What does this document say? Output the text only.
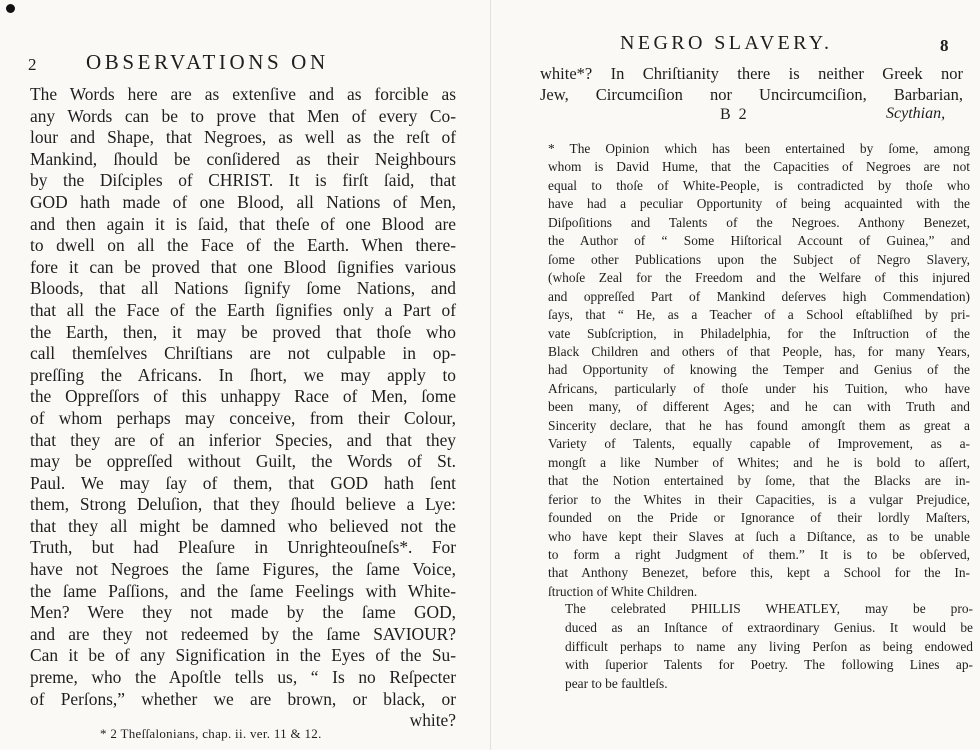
2 OBSERVATIONS ON
The Words here are as extenſive and as forcible as
any Words can be to prove that Men of every Co-
lour and Shape, that Negroes, as well as the reſt of
Mankind, ſhould be conſidered as their Neighbours
by the Diſciples of CHRIST. It is firſt ſaid, that
GOD hath made of one Blood, all Nations of Men,
and then again it is ſaid, that theſe of one Blood are
to dwell on all the Face of the Earth. When there-
fore it can be proved that one Blood ſignifies various
Bloods, that all Nations ſignify ſome Nations, and
that all the Face of the Earth ſignifies only a Part of
the Earth, then, it may be proved that thoſe who
call themſelves Chriſtians are not culpable in op-
preſſing the Africans. In ſhort, we may apply to
the Oppreſſors of this unhappy Race of Men, ſome
of whom perhaps may conceive, from their Colour,
that they are of an inferior Species, and that they
may be oppreſſed without Guilt, the Words of St.
Paul. We may ſay of them, that GOD hath ſent
them, Strong Deluſion, that they ſhould believe a Lye:
that they all might be damned who believed not the
Truth, but had Pleaſure in Unrighteouſneſs*. For
have not Negroes the ſame Figures, the ſame Voice,
the ſame Paſſions, and the ſame Feelings with White-
Men? Were they not made by the ſame GOD,
and are they not redeemed by the ſame SAVIOUR?
Can it be of any Signification in the Eyes of the Su-
preme, who the Apoſtle tells us, “ Is no Reſpecter
of Perſons,” whether we are brown, or black, or
white?
* 2 Theſſalonians, chap. ii. ver. 11 & 12.
NEGRO SLAVERY.	8
white*? In Chriſtianity there is neither Greek nor
Jew, Circumciſion nor Uncircumciſion, Barbarian,
B 2	Scythian,
* The Opinion which has been entertained by ſome, among
whom is David Hume, that the Capacities of Negroes are not
equal to thoſe of White-People, is contradicted by thoſe who
have had a peculiar Opportunity of being acquainted with the
Diſpoſitions and Talents of the Negroes. Anthony Benezet,
the Author of “ Some Hiſtorical Account of Guinea,” and
ſome other Publications upon the Subject of Negro Slavery,
(whoſe Zeal for the Freedom and the Welfare of this injured
and oppreſſed Part of Mankind deſerves high Commendation)
ſays, that “ He, as a Teacher of a School eſtabliſhed by pri-
vate Subſcription, in Philadelphia, for the Inſtruction of the
Black Children and others of that People, has, for many Years,
had Opportunity of knowing the Temper and Genius of the
Africans, particularly of thoſe under his Tuition, who have
been many, of different Ages; and he can with Truth and
Sincerity declare, that he has found amongſt them as great a
Variety of Talents, equally capable of Improvement, as a-
mongſt a like Number of Whites; and he is bold to aſſert,
that the Notion entertained by ſome, that the Blacks are in-
ferior to the Whites in their Capacities, is a vulgar Prejudice,
founded on the Pride or Ignorance of their lordly Maſters,
who have kept their Slaves at ſuch a Diſtance, as to be unable
to form a right Judgment of them.” It is to be obſerved,
that Anthony Benezet, before this, kept a School for the In-
ſtruction of White Children.
The celebrated PHILLIS WHEATLEY, may be pro-
duced as an Inſtance of extraordinary Genius. It would be
difficult perhaps to name any living Perſon as being endowed
with ſuperior Talents for Poetry. The following Lines ap-
pear to be faultleſs.
